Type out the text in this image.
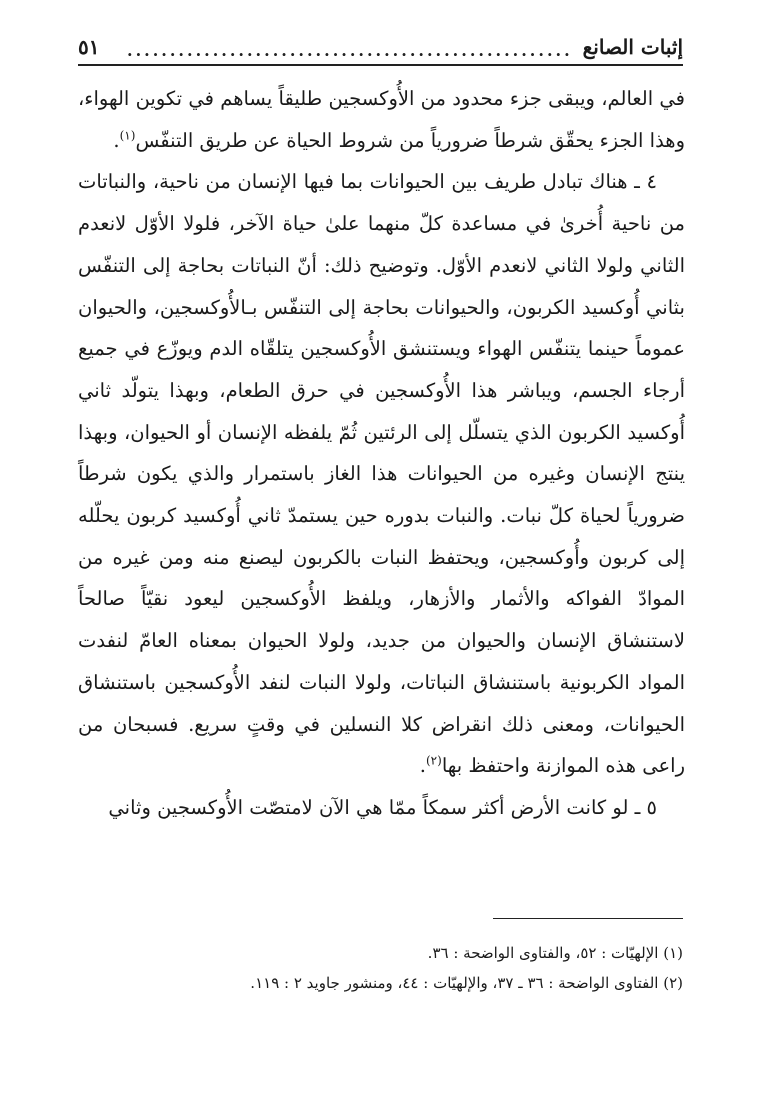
إثبات الصانع
....................................................
٥١

في العالم، ويبقى جزء محدود من الأُوكسجين طليقاً يساهم في تكوين الهواء، وهذا الجزء يحقّق شرطاً ضرورياً من شروط الحياة عن طريق التنفّس$^{(١)}$.

٤ ـ هناك تبادل طريف بين الحيوانات بما فيها الإنسان من ناحية، والنباتات من ناحية أُخرىٰ في مساعدة كلّ منهما علىٰ حياة الآخر، فلولا الأوّل لانعدم الثاني ولولا الثاني لانعدم الأوّل. وتوضيح ذلك: أنّ النباتات بحاجة إلى التنفّس بثاني أُوكسيد الكربون، والحيوانات بحاجة إلى التنفّس بـالأُوكسجين، والحيوان عموماً حينما يتنفّس الهواء ويستنشق الأُوكسجين يتلقّاه الدم ويوزّع في جميع أرجاء الجسم، ويباشر هذا الأُوكسجين في حرق الطعام، وبهذا يتولّد ثاني أُوكسيد الكربون الذي يتسلّل إلى الرئتين ثُمّ يلفظه الإنسان أو الحيوان، وبهذا ينتج الإنسان وغيره من الحيوانات هذا الغاز باستمرار والذي يكون شرطاً ضرورياً لحياة كلّ نبات. والنبات بدوره حين يستمدّ ثاني أُوكسيد كربون يحلّله إلى كربون وأُوكسجين، ويحتفظ النبات بالكربون ليصنع منه ومن غيره من الموادّ الفواكه والأثمار والأزهار، ويلفظ الأُوكسجين ليعود نقيّاً صالحاً لاستنشاق الإنسان والحيوان من جديد، ولولا الحيوان بمعناه العامّ لنفدت المواد الكربونية باستنشاق النباتات، ولولا النبات لنفد الأُوكسجين باستنشاق الحيوانات، ومعنى ذلك انقراض كلا النسلين في وقتٍ سريع. فسبحان من راعى هذه الموازنة واحتفظ بها$^{(٢)}$.

٥ ـ لو كانت الأرض أكثر سمكاً ممّا هي الآن لامتصّت الأُوكسجين وثاني

(١) الإلهيّات : ٥٢، والفتاوى الواضحة : ٣٦.
(٢) الفتاوى الواضحة : ٣٦ ـ ٣٧، والإلهيّات : ٤٤، ومنشور جاويد ٢ : ١١٩.
